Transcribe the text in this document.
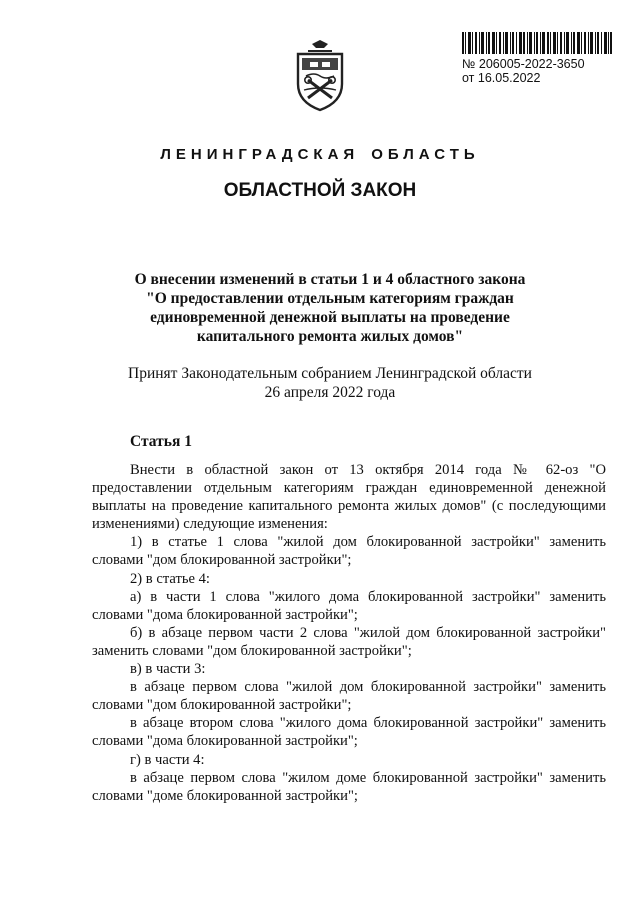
№ 206005-2022-3650
от 16.05.2022
ЛЕНИНГРАДСКАЯ ОБЛАСТЬ
ОБЛАСТНОЙ ЗАКОН
О внесении изменений в статьи 1 и 4 областного закона
"О предоставлении отдельным категориям граждан
единовременной денежной выплаты на проведение
капитального ремонта жилых домов"
Принят Законодательным собранием Ленинградской области
26 апреля 2022 года
Статья 1

Внести в областной закон от 13 октября 2014 года № 62-оз "О предоставлении отдельным категориям граждан единовременной денежной выплаты на проведение капитального ремонта жилых домов" (с последующими изменениями) следующие изменения:

1) в статье 1 слова "жилой дом блокированной застройки" заменить словами "дом блокированной застройки";

2) в статье 4:

а) в части 1 слова "жилого дома блокированной застройки" заменить словами "дома блокированной застройки";

б) в абзаце первом части 2 слова "жилой дом блокированной застройки" заменить словами "дом блокированной застройки";

в) в части 3:

в абзаце первом слова "жилой дом блокированной застройки" заменить словами "дом блокированной застройки";

в абзаце втором слова "жилого дома блокированной застройки" заменить словами "дома блокированной застройки";

г) в части 4:

в абзаце первом слова "жилом доме блокированной застройки" заменить словами "доме блокированной застройки";
